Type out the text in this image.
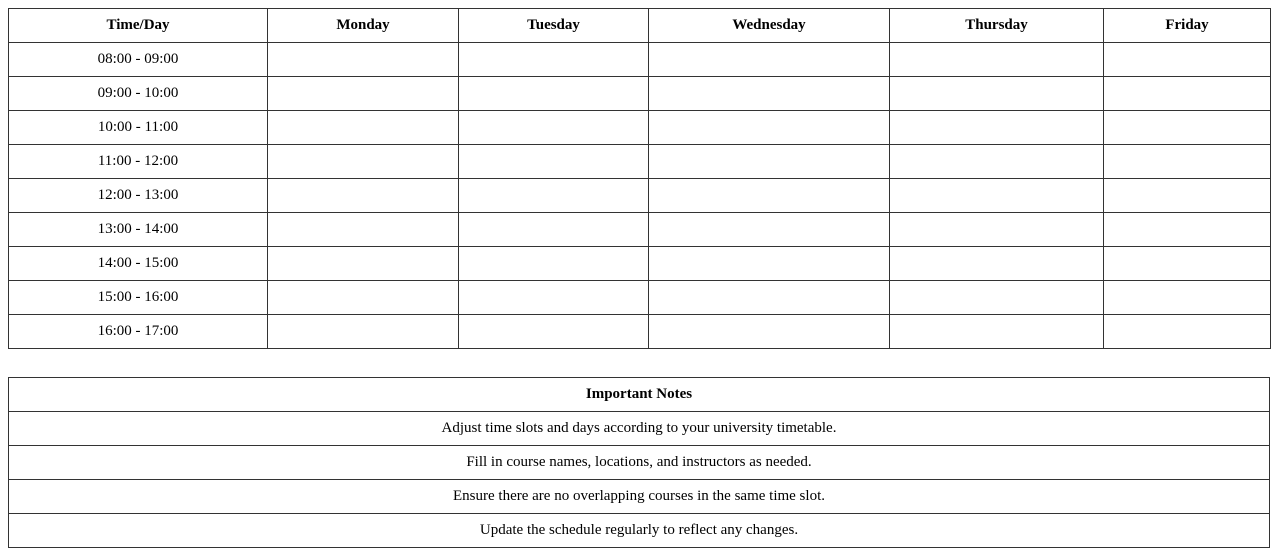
Time/Day	Monday	Tuesday	Wednesday	Thursday	Friday
08:00 - 09:00					
09:00 - 10:00					
10:00 - 11:00					
11:00 - 12:00					
12:00 - 13:00					
13:00 - 14:00					
14:00 - 15:00					
15:00 - 16:00					
16:00 - 17:00					
Important Notes
Adjust time slots and days according to your university timetable.
Fill in course names, locations, and instructors as needed.
Ensure there are no overlapping courses in the same time slot.
Update the schedule regularly to reflect any changes.
